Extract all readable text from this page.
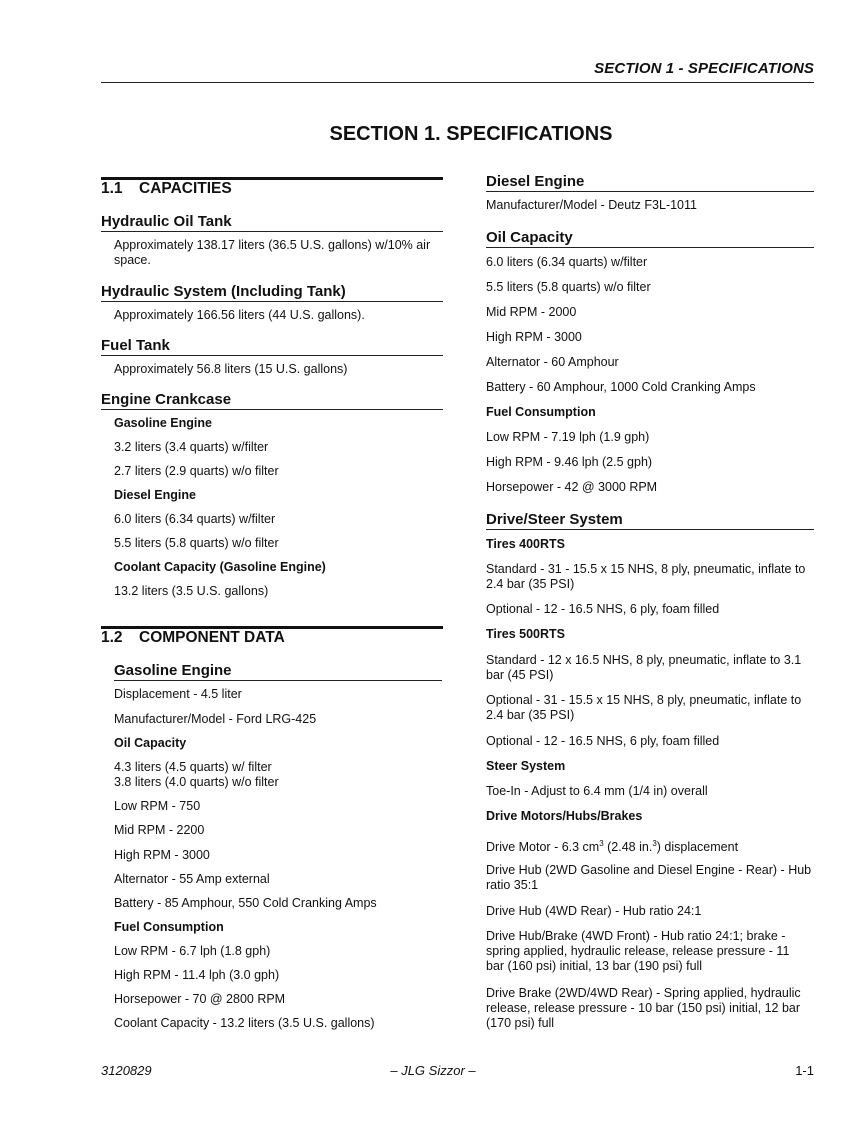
SECTION 1 - SPECIFICATIONS
SECTION 1. SPECIFICATIONS
1.1 CAPACITIES
Hydraulic Oil Tank
Approximately 138.17 liters (36.5 U.S. gallons) w/10% air
space.
Hydraulic System (Including Tank)
Approximately 166.56 liters (44 U.S. gallons).
Fuel Tank
Approximately 56.8 liters (15 U.S. gallons)
Engine Crankcase
Gasoline Engine
3.2 liters (3.4 quarts) w/filter
2.7 liters (2.9 quarts) w/o filter
Diesel Engine
6.0 liters (6.34 quarts) w/filter
5.5 liters (5.8 quarts) w/o filter
Coolant Capacity (Gasoline Engine)
13.2 liters (3.5 U.S. gallons)
1.2 COMPONENT DATA
Gasoline Engine
Displacement - 4.5 liter
Manufacturer/Model - Ford LRG-425
Oil Capacity
4.3 liters (4.5 quarts) w/ filter
3.8 liters (4.0 quarts) w/o filter
Low RPM - 750
Mid RPM - 2200
High RPM - 3000
Alternator - 55 Amp external
Battery - 85 Amphour, 550 Cold Cranking Amps
Fuel Consumption
Low RPM - 6.7 lph (1.8 gph)
High RPM - 11.4 lph (3.0 gph)
Horsepower - 70 @ 2800 RPM
Coolant Capacity - 13.2 liters (3.5 U.S. gallons)
Diesel Engine
Manufacturer/Model - Deutz F3L-1011
Oil Capacity
6.0 liters (6.34 quarts) w/filter
5.5 liters (5.8 quarts) w/o filter
Mid RPM - 2000
High RPM - 3000
Alternator - 60 Amphour
Battery - 60 Amphour, 1000 Cold Cranking Amps
Fuel Consumption
Low RPM - 7.19 lph (1.9 gph)
High RPM - 9.46 lph (2.5 gph)
Horsepower - 42 @ 3000 RPM
Drive/Steer System
Tires 400RTS
Standard - 31 - 15.5 x 15 NHS, 8 ply, pneumatic, inflate to
2.4 bar (35 PSI)
Optional - 12 - 16.5 NHS, 6 ply, foam filled
Tires 500RTS
Standard - 12 x 16.5 NHS, 8 ply, pneumatic, inflate to 3.1
bar (45 PSI)
Optional - 31 - 15.5 x 15 NHS, 8 ply, pneumatic, inflate to
2.4 bar (35 PSI)
Optional - 12 - 16.5 NHS, 6 ply, foam filled
Steer System
Toe-In - Adjust to 6.4 mm (1/4 in) overall
Drive Motors/Hubs/Brakes
Drive Motor - 6.3 $cm^3$ (2.48 in.$^3$) displacement
Drive Hub (2WD Gasoline and Diesel Engine - Rear) - Hub
ratio 35:1
Drive Hub (4WD Rear) - Hub ratio 24:1
Drive Hub/Brake (4WD Front) - Hub ratio 24:1; brake -
spring applied, hydraulic release, release pressure - 11
bar (160 psi) initial, 13 bar (190 psi) full
Drive Brake (2WD/4WD Rear) - Spring applied, hydraulic
release, release pressure - 10 bar (150 psi) initial, 12 bar
(170 psi) full
3120829	– JLG Sizzor –	1-1
